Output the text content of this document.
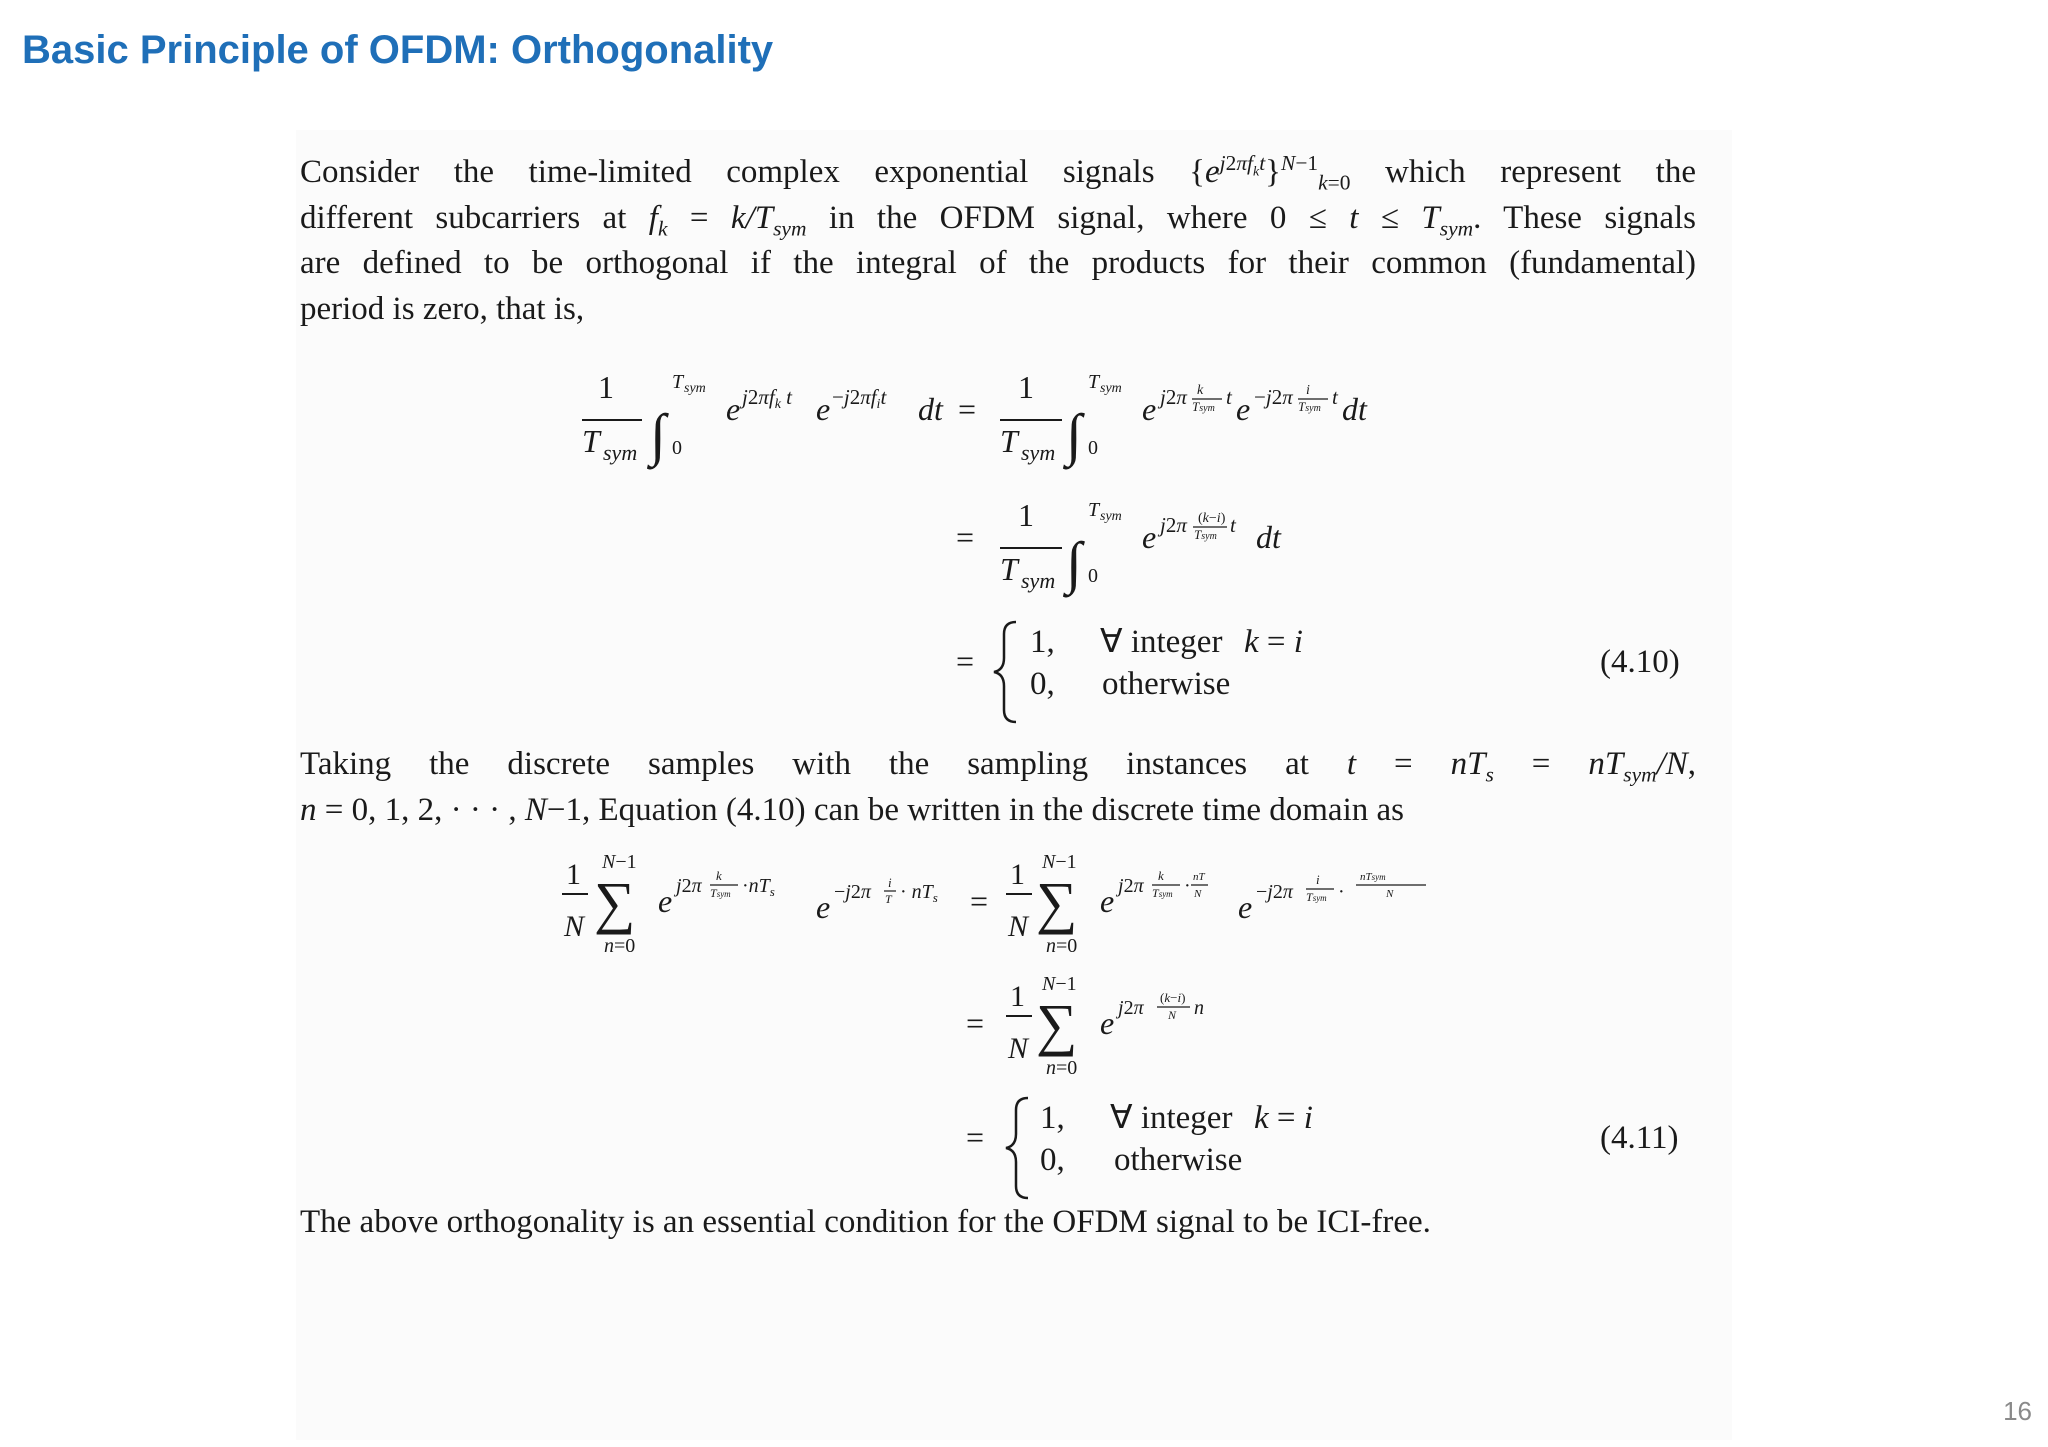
Basic Principle of OFDM: Orthogonality
Consider the time-limited complex exponential signals $\{e^{j2\pi f_kt}\}^{N-1}_{k=0}$ which represent the
different subcarriers at $f_k = k/T_{sym}$ in the OFDM signal, where $0 \le t \le T_{sym}$. These signals
are defined to be orthogonal if the integral of the products for their common (fundamental)
period is zero, that is,
Taking the discrete samples with the sampling instances at $t = nT_s = nT_{sym}/N$,
n = 0, 1, 2, · · · , N−1, Equation (4.10) can be written in the discrete time domain as
The above orthogonality is an essential condition for the OFDM signal to be ICI-free.
1
T sym ∫
T sym
0
e j2πfk t e −j2πfit dt =
1
T sym ∫
T sym
0
e j2π k
Tsym t e −j2π i
Tsym t dt
=
1
T sym ∫
T sym
0
e j2π (k−i)
Tsym t dt
=
1, ∀ integer k = i
0, otherwise
(4.10)
1
N
N−1
∑
n=0
e j2π k
Tsym $\cdot nT_s$ e −j2π i
$T \cdot nT_s$ =
1
N
N−1
∑
n=0
e j2π k
Tsym · nT
N e −j2π
i
Tsym ·
nTsym
N
=
1
N
N−1
∑
n=0
e j2π (k−i)
N n
=
1, ∀ integer k = i
0, otherwise
(4.11)
16
